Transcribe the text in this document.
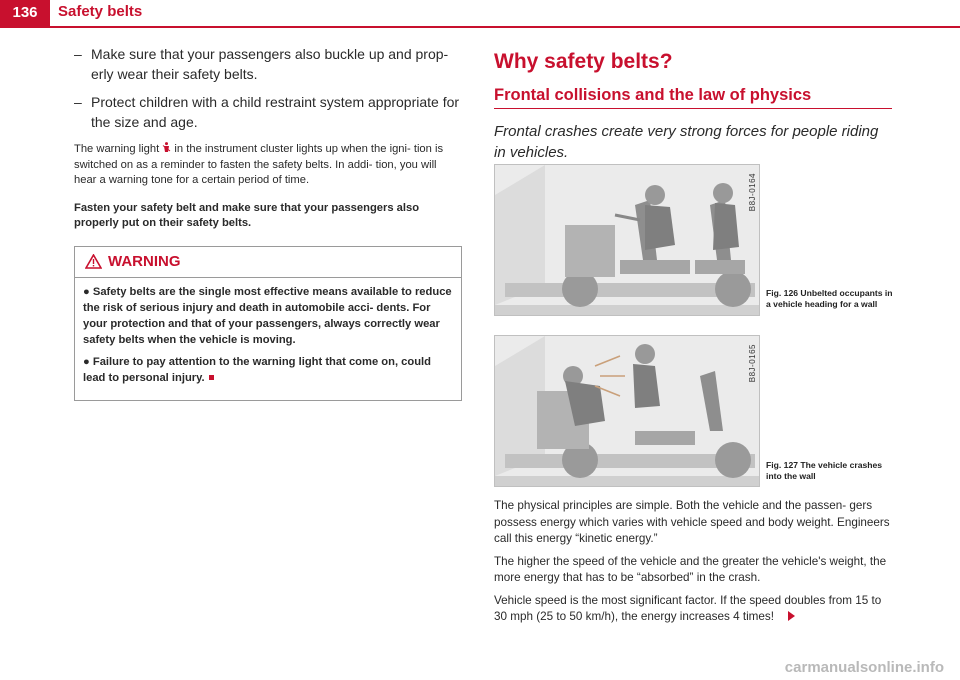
136	Safety belts
– Make sure that your passengers also buckle up and prop- erly wear their safety belts.
– Protect children with a child restraint system appropriate for the size and age.

The warning light in the instrument cluster lights up when the igni- tion is switched on as a reminder to fasten the safety belts. In addi- tion, you will hear a warning tone for a certain period of time.

Fasten your safety belt and make sure that your passengers also properly put on their safety belts.

WARNING
● Safety belts are the single most effective means available to reduce the risk of serious injury and death in automobile acci- dents. For your protection and that of your passengers, always correctly wear safety belts when the vehicle is moving.
● Failure to pay attention to the warning light that come on, could lead to personal injury.
Why safety belts?
Frontal collisions and the law of physics
Frontal crashes create very strong forces for people riding in vehicles.
B8J-0164
Fig. 126 Unbelted occupants in a vehicle heading for a wall
B8J-0165
Fig. 127 The vehicle crashes into the wall

The physical principles are simple. Both the vehicle and the passen- gers possess energy which varies with vehicle speed and body weight. Engineers call this energy “kinetic energy.”

The higher the speed of the vehicle and the greater the vehicle's weight, the more energy that has to be “absorbed” in the crash.

Vehicle speed is the most significant factor. If the speed doubles from 15 to 30 mph (25 to 50 km/h), the energy increases 4 times!

carmanualsonline.info
